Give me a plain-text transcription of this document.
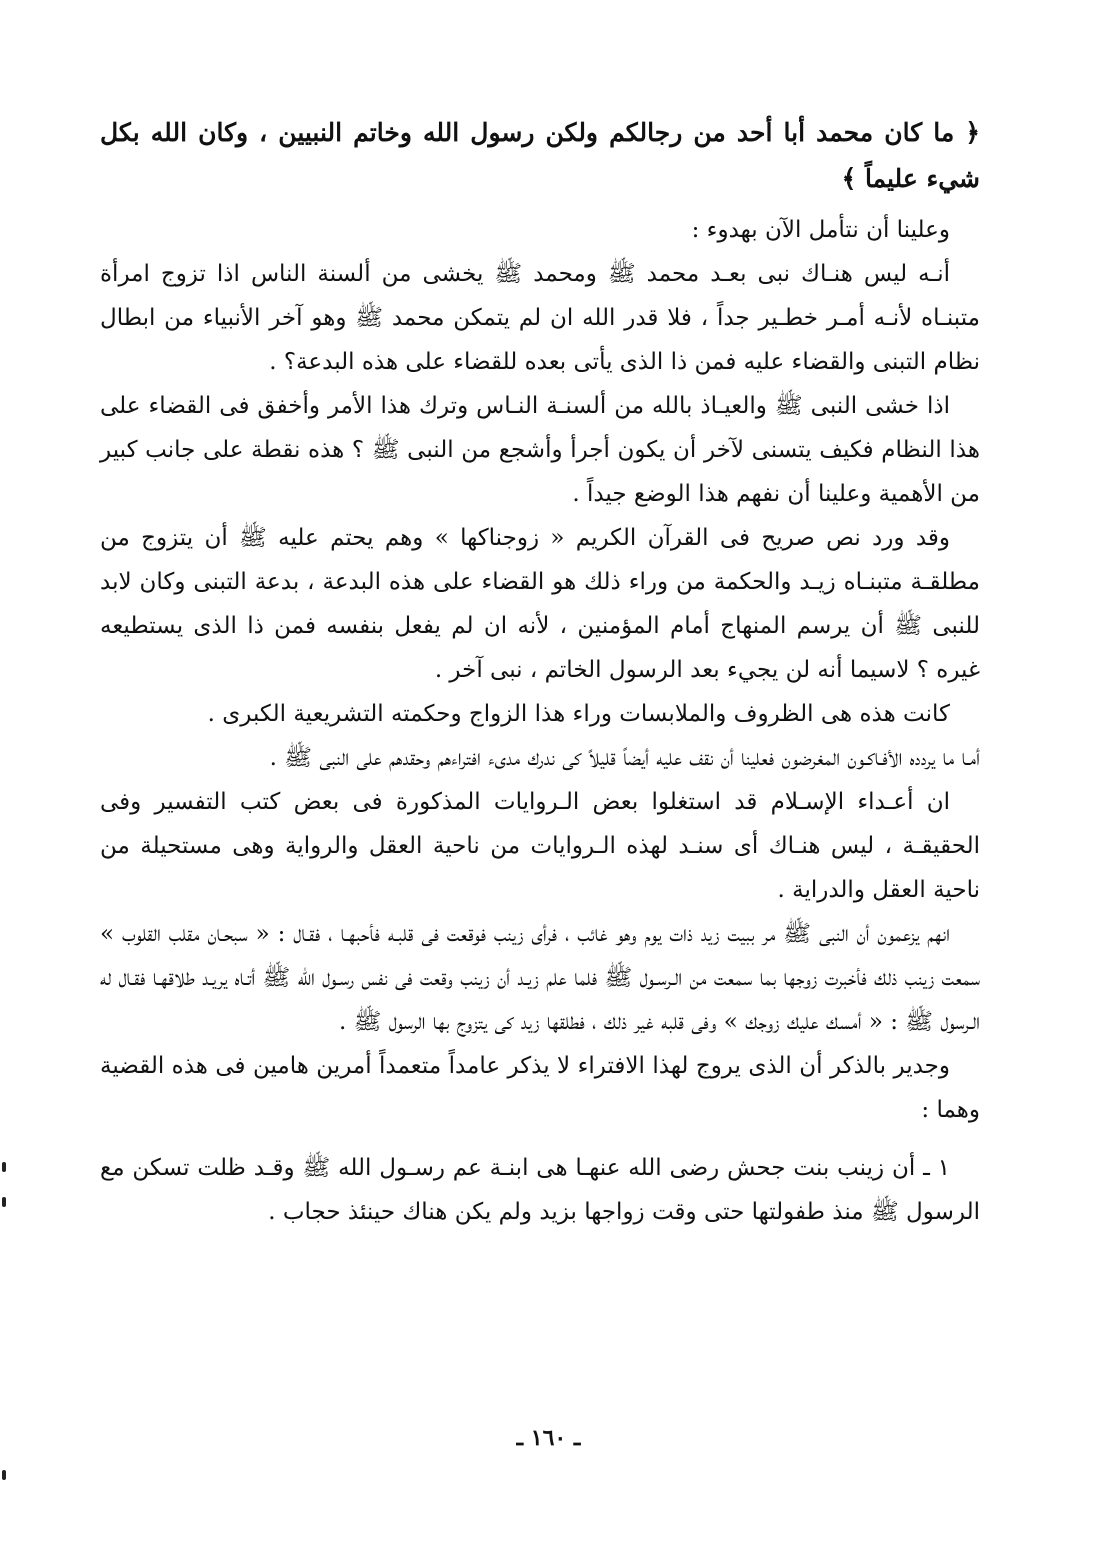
﴿ ما كان محمد أبا أحد من رجالكم ولكن رسول الله وخاتم النبيين ، وكان الله بكل شيء عليماً ﴾

وعلينا أن نتأمل الآن بهدوء :

أنـه ليس هنـاك نبى بعـد محمد ﷺ ومحمد ﷺ يخشى من ألسنة الناس اذا تزوج امرأة متبنـاه لأنـه أمـر خطـير جداً ، فلا قدر الله ان لم يتمكن محمد ﷺ وهو آخر الأنبياء من ابطال نظام التبنى والقضاء عليه فمن ذا الذى يأتى بعده للقضاء على هذه البدعة؟ .

اذا خشى النبى ﷺ والعيـاذ بالله من ألسنـة النـاس وترك هذا الأمر وأخفق فى القضاء على هذا النظام فكيف يتسنى لآخر أن يكون أجرأ وأشجع من النبى ﷺ ؟ هذه نقطة على جانب كبير من الأهمية وعلينا أن نفهم هذا الوضع جيداً .

وقد ورد نص صريح فى القرآن الكريم « زوجناكها » وهم يحتم عليه ﷺ أن يتزوج من مطلقـة متبنـاه زيـد والحكمة من وراء ذلك هو القضاء على هذه البدعة ، بدعة التبنى وكان لابد للنبى ﷺ أن يرسم المنهاج أمام المؤمنين ، لأنه ان لم يفعل بنفسه فمن ذا الذى يستطيعه غيره ؟ لاسيما أنه لن يجيء بعد الرسول الخاتم ، نبى آخر .

كانت هذه هى الظروف والملابسات وراء هذا الزواج وحكمته التشريعية الكبرى .

أمـا ما يردده الأفـاكـون المغرضون فعلينا أن نقف عليه أيضاً قليلاً كى ندرك مدىء افتراءهم وحقدهم على النبى ﷺ .

ان أعـداء الإسـلام قد استغلوا بعض الـروايات المذكورة فى بعض كتب التفسير وفى الحقيقـة ، ليس هنـاك أى سنـد لهذه الـروايات من ناحية العقل والرواية وهى مستحيلة من ناحية العقل والدراية .

انهم يزعمون أن النبى ﷺ مر ببيت زيد ذات يوم وهو غائب ، فرأى زينب فوقعت فى قلبـه فأحبهـا ، فقـال : « سبحـان مقلب القلوب » سمعت زينب ذلك فأخبرت زوجها بما سمعت من الـرسـول ﷺ فلما علم زيـد أن زينب وقعت فى نفس رسـول الله ﷺ أتـاه يريـد طلاقهـا فقـال له الـرسول ﷺ : « أمسك عليك زوجك » وفى قلبه غير ذلك ، فطلقها زيد كى يتزوج بها الرسول ﷺ .

وجدير بالذكر أن الذى يروج لهذا الافتراء لا يذكر عامداً متعمداً أمرين هامين فى هذه القضية وهما :

١ ـ أن زينب بنت جحش رضى الله عنهـا هى ابنـة عم رسـول الله ﷺ وقـد ظلت تسكن مع الرسول ﷺ منذ طفولتها حتى وقت زواجها بزيد ولم يكن هناك حينئذ حجاب .

ـ ١٦٠ ـ
